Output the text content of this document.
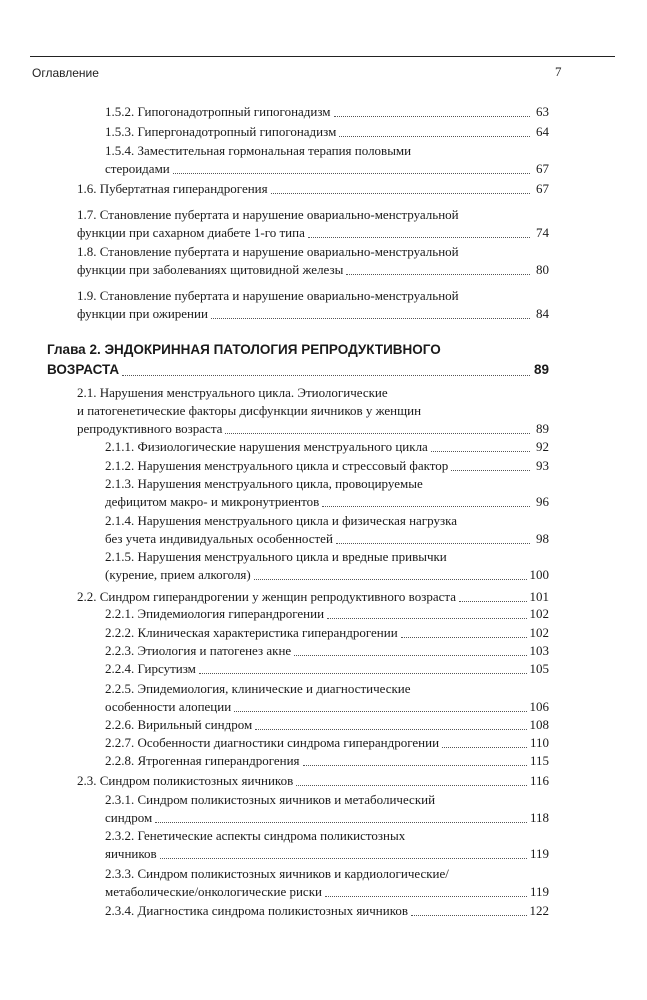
Оглавление	7
1.5.2. Гипогонадотропный гипогонадизм	63
1.5.3. Гипергонадотропный гипогонадизм	64
1.5.4. Заместительная гормональная терапия половыми
стероидами	67
1.6. Пубертатная гиперандрогения	67
1.7. Становление пубертата и нарушение овариально-менструальной
функции при сахарном диабете 1-го типа	74
1.8. Становление пубертата и нарушение овариально-менструальной
функции при заболеваниях щитовидной железы	80
1.9. Становление пубертата и нарушение овариально-менструальной
функции при ожирении	84
Глава 2. ЭНДОКРИННАЯ ПАТОЛОГИЯ РЕПРОДУКТИВНОГО
ВОЗРАСТА	89
2.1. Нарушения менструального цикла. Этиологические
и патогенетические факторы дисфункции яичников у женщин
репродуктивного возраста	89
2.1.1. Физиологические нарушения менструального цикла	92
2.1.2. Нарушения менструального цикла и стрессовый фактор	93
2.1.3. Нарушения менструального цикла, провоцируемые
дефицитом макро- и микронутриентов	96
2.1.4. Нарушения менструального цикла и физическая нагрузка
без учета индивидуальных особенностей	98
2.1.5. Нарушения менструального цикла и вредные привычки
(курение, прием алкоголя)	100
2.2. Синдром гиперандрогении у женщин репродуктивного возраста	101
2.2.1. Эпидемиология гиперандрогении	102
2.2.2. Клиническая характеристика гиперандрогении	102
2.2.3. Этиология и патогенез акне	103
2.2.4. Гирсутизм	105
2.2.5. Эпидемиология, клинические и диагностические
особенности алопеции	106
2.2.6. Вирильный синдром	108
2.2.7. Особенности диагностики синдрома гиперандрогении	110
2.2.8. Ятрогенная гиперандрогения	115
2.3. Синдром поликистозных яичников	116
2.3.1. Синдром поликистозных яичников и метаболический
синдром	118
2.3.2. Генетические аспекты синдрома поликистозных
яичников	119
2.3.3. Синдром поликистозных яичников и кардиологические/
метаболические/онкологические риски	119
2.3.4. Диагностика синдрома поликистозных яичников	122
